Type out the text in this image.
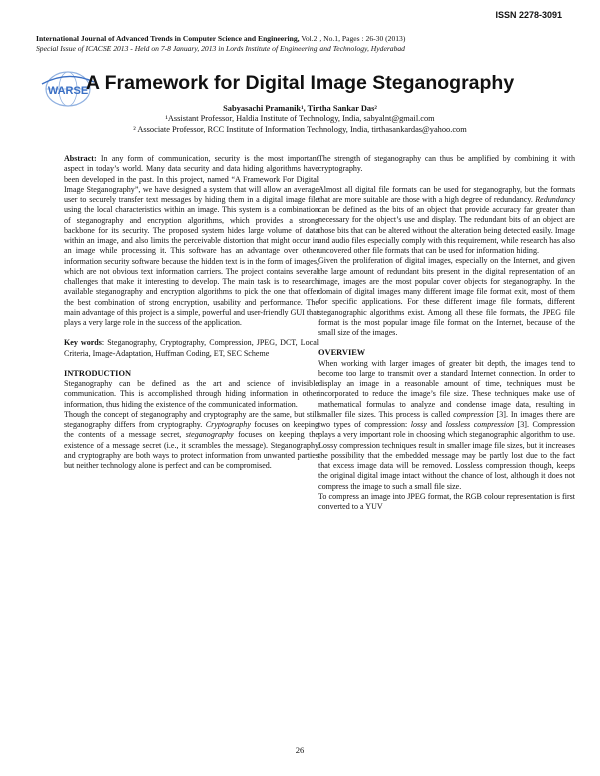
ISSN 2278-3091
International Journal of Advanced Trends in Computer Science and Engineering, Vol.2 , No.1, Pages : 26-30 (2013)
Special Issue of ICACSE 2013 - Held on 7-8 January, 2013 in Lords Institute of Engineering and Technology, Hyderabad
WARSE
A Framework for Digital Image Steganography
Sabyasachi Pramanik¹, Tirtha Sankar Das²
¹Assistant Professor, Haldia Institute of Technology, India, sabyalnt@gmail.com
² Associate Professor, RCC Institute of Information Technology, India, tirthasankardas@yahoo.com

Abstract: In any form of communication, security is the most important aspect in today’s world. Many data security and data hiding algorithms have been developed in the past. In this project, named “A Framework For Digital Image Steganography”, we have designed a system that will allow an average user to securely transfer text messages by hiding them in a digital image file using the local characteristics within an image. This system is a combination of steganography and encryption algorithms, which provides a strong backbone for its security. The proposed system hides large volume of data within an image, and also limits the perceivable distortion that might occur in an image while processing it. This software has an advantage over other information security software because the hidden text is in the form of images, which are not obvious text information carriers. The project contains several challenges that make it interesting to develop. The main task is to research available steganography and encryption algorithms to pick the one that offer the best combination of strong encryption, usability and performance. The main advantage of this project is a simple, powerful and user-friendly GUI that plays a very large role in the success of the application.

Key words: Steganography, Cryptography, Compression, JPEG, DCT, Local Criteria, Image-Adaptation, Huffman Coding, ET, SEC Scheme

INTRODUCTION

Steganography can be defined as the art and science of invisible communication. This is accomplished through hiding information in other information, thus hiding the existence of the communicated information.

Though the concept of steganography and cryptography are the same, but still steganography differs from cryptography. Cryptography focuses on keeping the contents of a message secret, steganography focuses on keeping the existence of a message secret (i.e., it scrambles the message). Steganography and cryptography are both ways to protect information from unwanted parties but neither technology alone is perfect and can be compromised.

The strength of steganography can thus be amplified by combining it with cryptography.

Almost all digital file formats can be used for steganography, but the formats that are more suitable are those with a high degree of redundancy. Redundancy can be defined as the bits of an object that provide accuracy far greater than necessary for the object’s use and display. The redundant bits of an object are those bits that can be altered without the alteration being detected easily. Image and audio files especially comply with this requirement, while research has also uncovered other file formats that can be used for information hiding.

Given the proliferation of digital images, especially on the Internet, and given the large amount of redundant bits present in the digital representation of an image, images are the most popular cover objects for steganography. In the domain of digital images many different image file format exit, most of them for specific applications. For these different image file formats, different steganographic algorithms exist. Among all these file formats, the JPEG file format is the most popular image file format on the Internet, because of the small size of the images.

OVERVIEW

When working with larger images of greater bit depth, the images tend to become too large to transmit over a standard Internet connection. In order to display an image in a reasonable amount of time, techniques must be incorporated to reduce the image’s file size. These techniques make use of mathematical formulas to analyze and condense image data, resulting in smaller file sizes. This process is called compression [3]. In images there are two types of compression: lossy and lossless compression [3]. Compression plays a very important role in choosing which steganographic algorithm to use. Lossy compression techniques result in smaller image file sizes, but it increases the possibility that the embedded message may be partly lost due to the fact that excess image data will be removed. Lossless compression though, keeps the original digital image intact without the chance of lost, although it does not compress the image to such a small file size.

To compress an image into JPEG format, the RGB colour representation is first converted to a YUV

26
